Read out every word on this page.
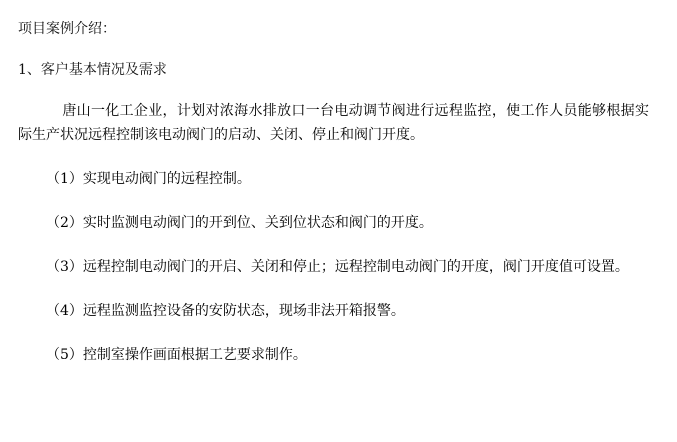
项目案例介绍：
1、客户基本情况及需求

唐山一化工企业，计划对浓海水排放口一台电动调节阀进行远程监控，使工作人员能够根据实际生产状况远程控制该电动阀门的启动、关闭、停止和阀门开度。

（1）实现电动阀门的远程控制。

（2）实时监测电动阀门的开到位、关到位状态和阀门的开度。

（3）远程控制电动阀门的开启、关闭和停止；远程控制电动阀门的开度，阀门开度值可设置。

（4）远程监测监控设备的安防状态，现场非法开箱报警。

（5）控制室操作画面根据工艺要求制作。
